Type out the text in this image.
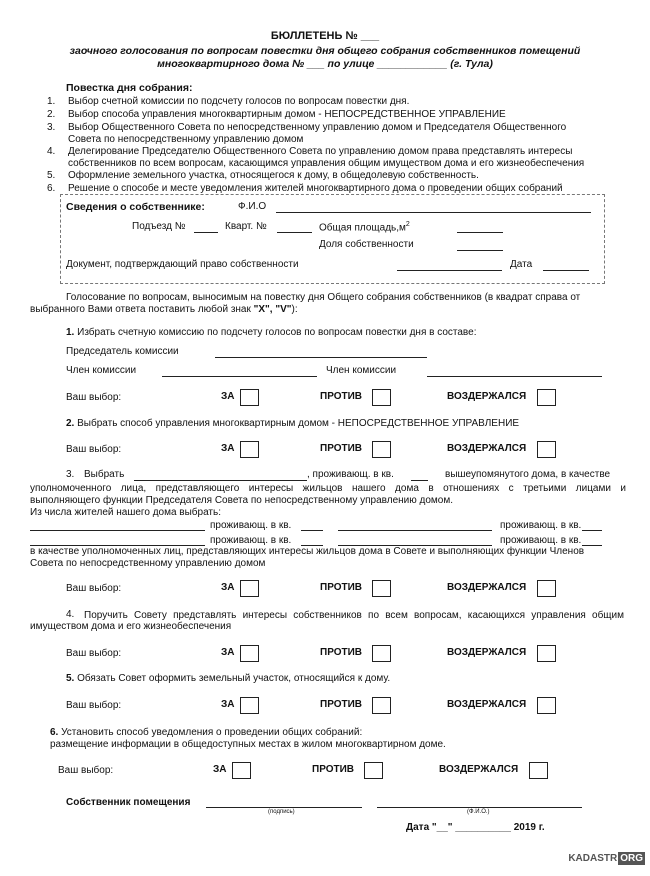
БЮЛЛЕТЕНЬ № ___
заочного голосования по вопросам повестки дня общего собрания собственников помещений
многоквартирного дома № ___ по улице ____________ (г. Тула)
Повестка дня собрания:
1. Выбор счетной комиссии по подсчету голосов по вопросам повестки дня.
2. Выбор способа управления многоквартирным домом - НЕПОСРЕДСТВЕННОЕ УПРАВЛЕНИЕ
3. Выбор Общественного Совета по непосредственному управлению домом и Председателя Общественного
Совета по непосредственному управлению домом
4. Делегирование Председателю Общественного Совета по управлению домом права представлять интересы
собственников по всем вопросам, касающимся управления общим имуществом дома и его жизнеобеспечения
5. Оформление земельного участка, относящегося к дому, в общедолевую собственность.
6. Решение о способе и месте уведомления жителей многоквартирного дома о проведении общих собраний
Сведения о собственнике:	Ф.И.О
Подъезд №	Кварт. №	Общая $площадь,м^2$
Доля собственности
Документ, подтверждающий право собственности	Дата
Голосование по вопросам, выносимым на повестку дня Общего собрания собственников (в квадрат справа от
выбранного Вами ответа поставить любой знак "X", "V"):
1. Избрать счетную комиссию по подсчету голосов по вопросам повестки дня в составе:
Председатель комиссии
Член комиссии	Член комиссии
Ваш выбор:	ЗА	ПРОТИВ	ВОЗДЕРЖАЛСЯ
2. Выбрать способ управления многоквартирным домом - НЕПОСРЕДСТВЕННОЕ УПРАВЛЕНИЕ
Ваш выбор:	ЗА	ПРОТИВ	ВОЗДЕРЖАЛСЯ
3. Выбрать	, проживающ. в кв.	вышеупомянутого дома, в качестве
уполномоченного лица, представляющего интересы жильцов нашего дома в отношениях с третьими лицами и
выполняющего функции Председателя Совета по непосредственному управлению домом.
Из числа жителей нашего дома выбрать:
проживающ. в кв.	проживающ. в кв.
проживающ. в кв.	проживающ. в кв.
в качестве уполномоченных лиц, представляющих интересы жильцов дома в Совете и выполняющих функции Членов
Совета по непосредственному управлению домом
Ваш выбор:	ЗА	ПРОТИВ	ВОЗДЕРЖАЛСЯ
4. Поручить Совету представлять интересы собственников по всем вопросам, касающихся управления общим
имуществом дома и его жизнеобеспечения
Ваш выбор:	ЗА	ПРОТИВ	ВОЗДЕРЖАЛСЯ
5. Обязать Совет оформить земельный участок, относящийся к дому.
Ваш выбор:	ЗА	ПРОТИВ	ВОЗДЕРЖАЛСЯ
6. Установить способ уведомления о проведении общих собраний:
размещение информации в общедоступных местах в жилом многоквартирном доме.
Ваш выбор:	ЗА	ПРОТИВ	ВОЗДЕРЖАЛСЯ
Собственник помещения
(подпись)	(Ф.И.О.)
Дата "__" __________ 2019 г.
KADASTR ORG
